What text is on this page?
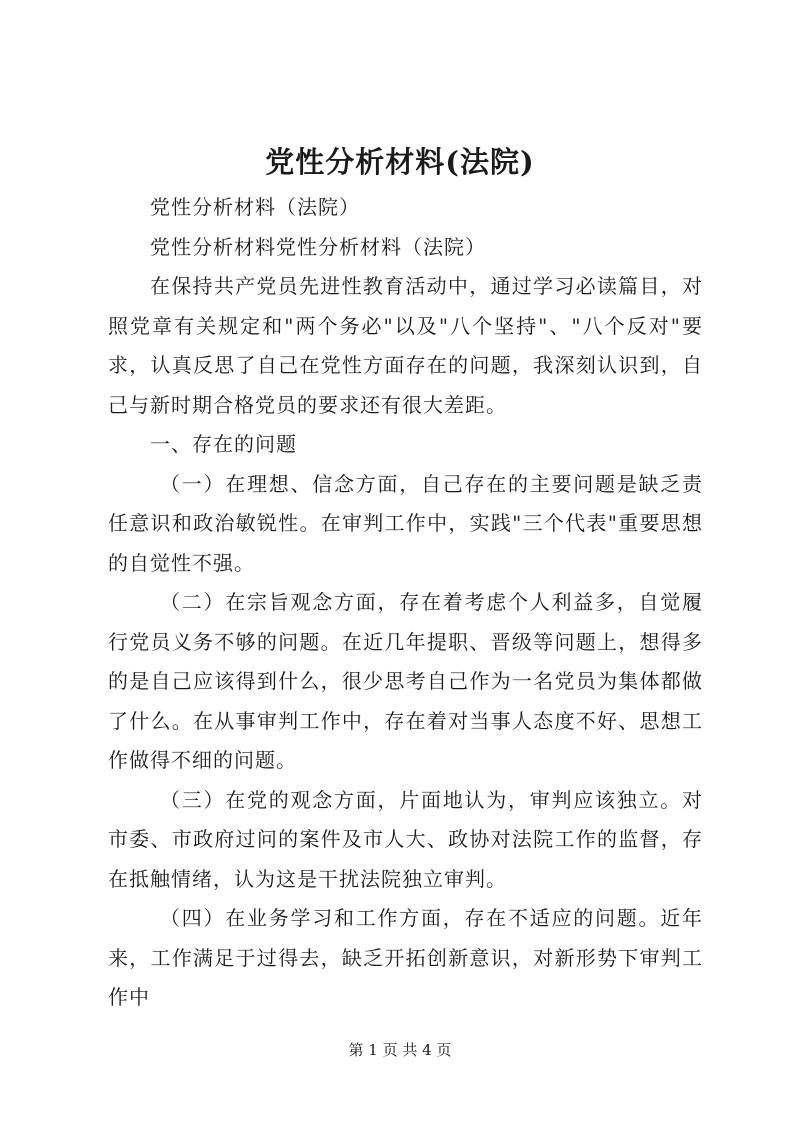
党性分析材料(法院)

党性分析材料（法院）

党性分析材料党性分析材料（法院）

在保持共产党员先进性教育活动中，通过学习必读篇目，对照党章有关规定和"两个务必"以及"八个坚持"、"八个反对"要求，认真反思了自己在党性方面存在的问题，我深刻认识到，自己与新时期合格党员的要求还有很大差距。

一、存在的问题

（一）在理想、信念方面，自己存在的主要问题是缺乏责任意识和政治敏锐性。在审判工作中，实践"三个代表"重要思想的自觉性不强。

（二）在宗旨观念方面，存在着考虑个人利益多，自觉履行党员义务不够的问题。在近几年提职、晋级等问题上，想得多的是自己应该得到什么，很少思考自己作为一名党员为集体都做了什么。在从事审判工作中，存在着对当事人态度不好、思想工作做得不细的问题。

（三）在党的观念方面，片面地认为，审判应该独立。对市委、市政府过问的案件及市人大、政协对法院工作的监督，存在抵触情绪，认为这是干扰法院独立审判。

（四）在业务学习和工作方面，存在不适应的问题。近年来，工作满足于过得去，缺乏开拓创新意识，对新形势下审判工作中

第 1 页 共 4 页
